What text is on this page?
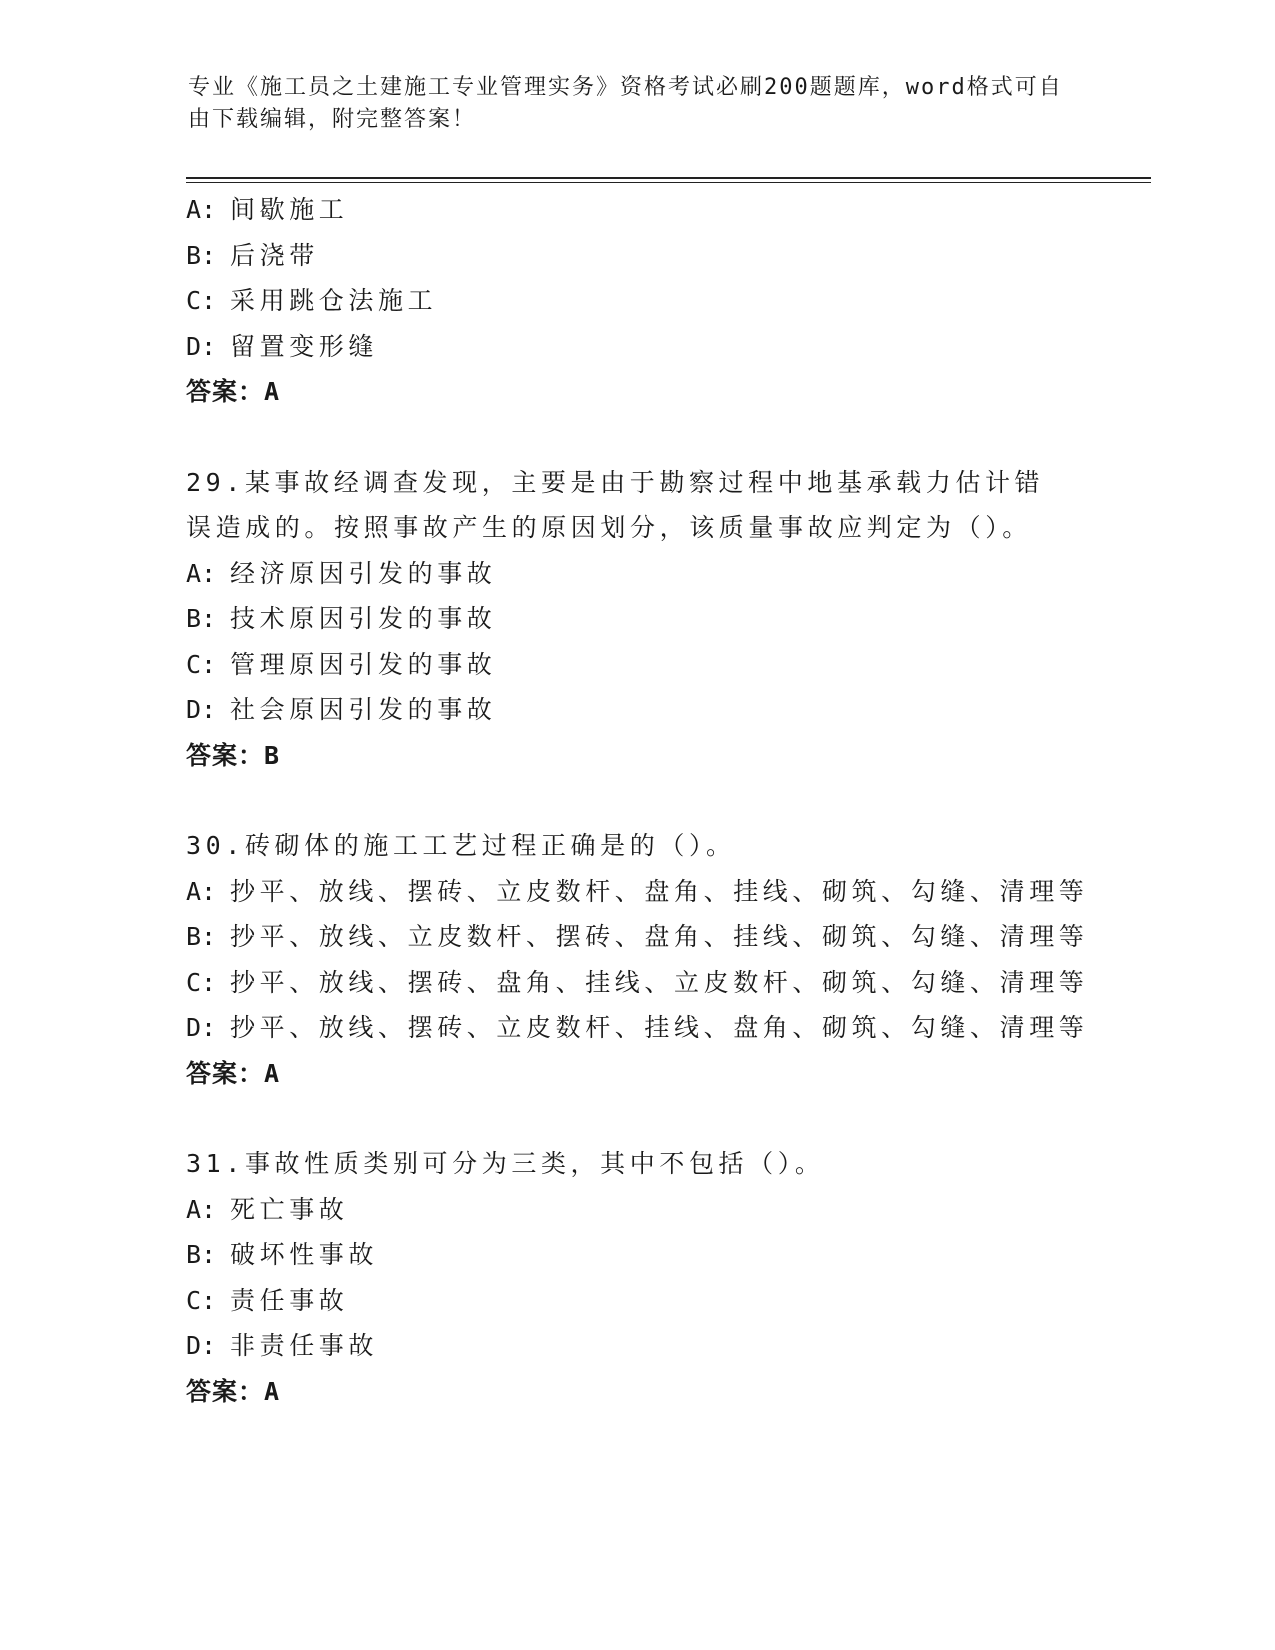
专业《施工员之土建施工专业管理实务》资格考试必刷200题题库，word格式可自由下载编辑，附完整答案！
A: 间歇施工
B: 后浇带
C: 采用跳仓法施工
D: 留置变形缝
答案：A
29.某事故经调查发现，主要是由于勘察过程中地基承载力估计错误造成的。按照事故产生的原因划分，该质量事故应判定为（）。
A: 经济原因引发的事故
B: 技术原因引发的事故
C: 管理原因引发的事故
D: 社会原因引发的事故
答案：B
30.砖砌体的施工工艺过程正确是的（）。
A: 抄平、放线、摆砖、立皮数杆、盘角、挂线、砌筑、勾缝、清理等
B: 抄平、放线、立皮数杆、摆砖、盘角、挂线、砌筑、勾缝、清理等
C: 抄平、放线、摆砖、盘角、挂线、立皮数杆、砌筑、勾缝、清理等
D: 抄平、放线、摆砖、立皮数杆、挂线、盘角、砌筑、勾缝、清理等
答案：A
31.事故性质类别可分为三类，其中不包括（）。
A: 死亡事故
B: 破坏性事故
C: 责任事故
D: 非责任事故
答案：A
